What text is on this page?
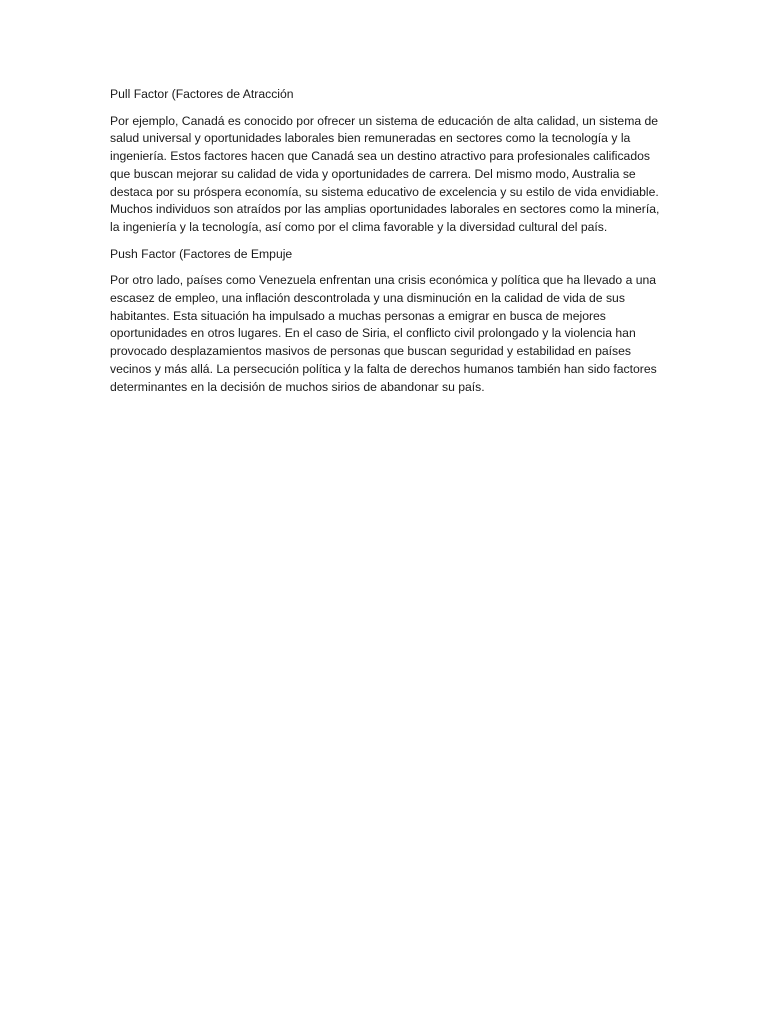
Pull Factor (Factores de Atracción

Por ejemplo, Canadá es conocido por ofrecer un sistema de educación de alta calidad, un sistema de salud universal y oportunidades laborales bien remuneradas en sectores como la tecnología y la ingeniería. Estos factores hacen que Canadá sea un destino atractivo para profesionales calificados que buscan mejorar su calidad de vida y oportunidades de carrera. Del mismo modo, Australia se destaca por su próspera economía, su sistema educativo de excelencia y su estilo de vida envidiable. Muchos individuos son atraídos por las amplias oportunidades laborales en sectores como la minería, la ingeniería y la tecnología, así como por el clima favorable y la diversidad cultural del país.

Push Factor (Factores de Empuje

Por otro lado, países como Venezuela enfrentan una crisis económica y política que ha llevado a una escasez de empleo, una inflación descontrolada y una disminución en la calidad de vida de sus habitantes. Esta situación ha impulsado a muchas personas a emigrar en busca de mejores oportunidades en otros lugares. En el caso de Siria, el conflicto civil prolongado y la violencia han provocado desplazamientos masivos de personas que buscan seguridad y estabilidad en países vecinos y más allá. La persecución política y la falta de derechos humanos también han sido factores determinantes en la decisión de muchos sirios de abandonar su país.
